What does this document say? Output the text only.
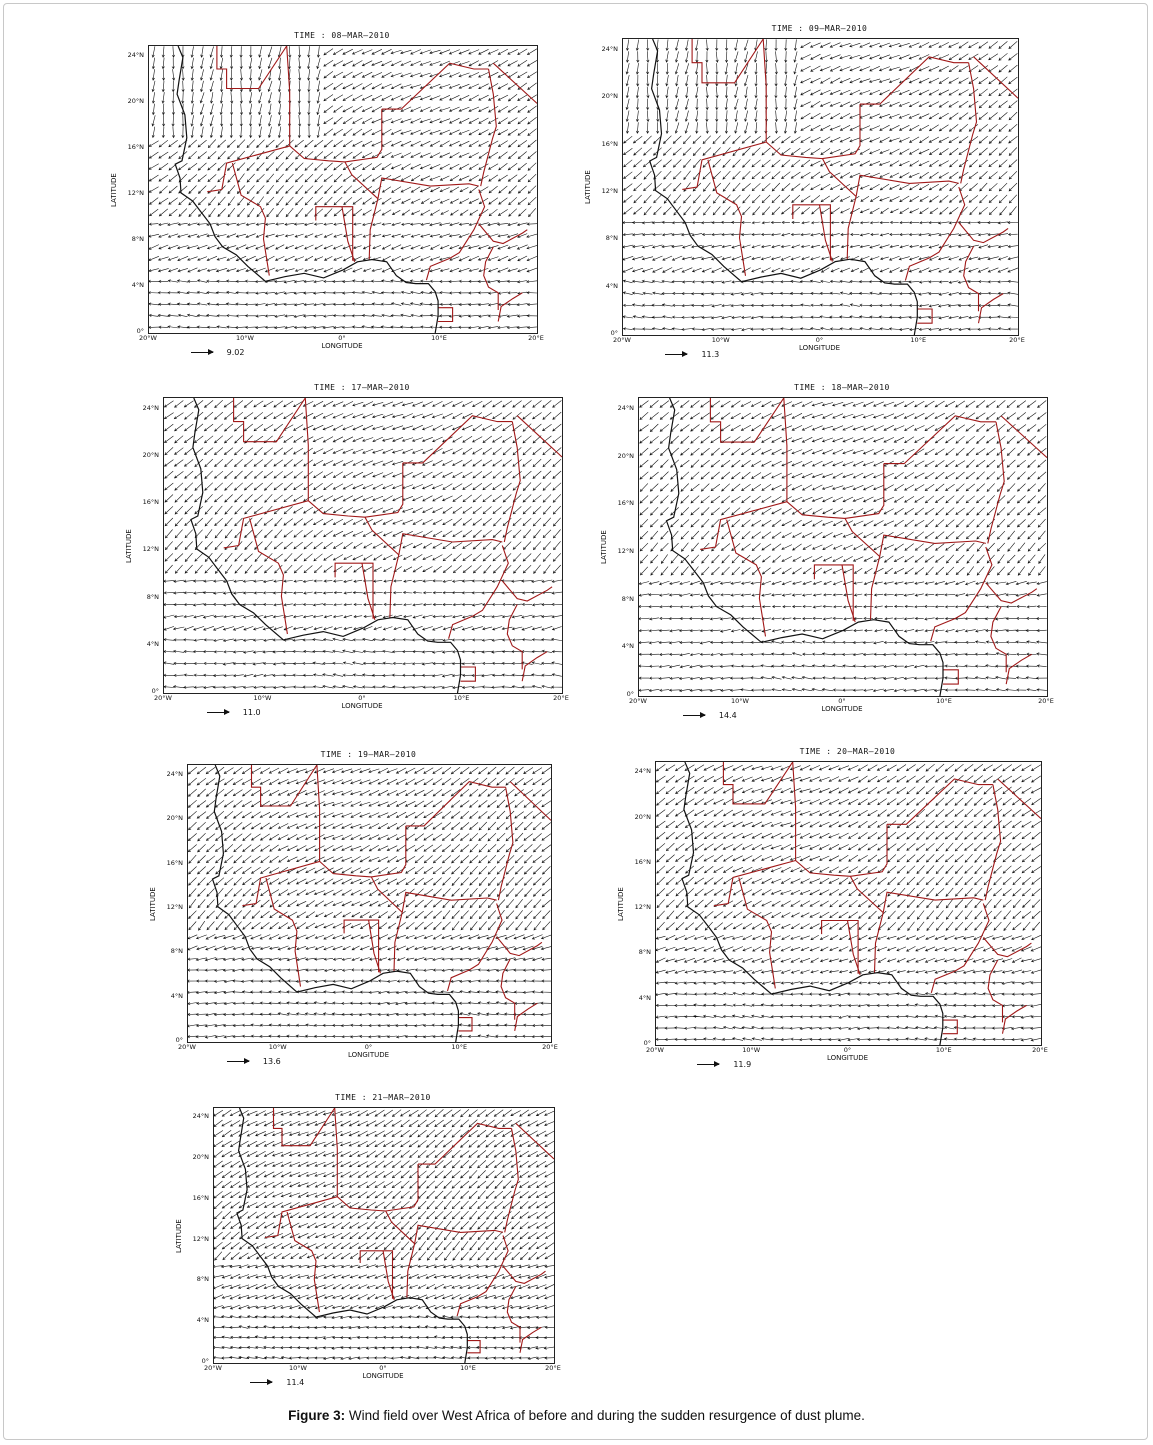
TIME : 08–MAR–2010
LATITUDE
24°N
20°N
16°N
12°N
8°N
4°N
0°
20°W	10°W	0°	10°E	20°E
LONGITUDE
9.02
TIME : 09–MAR–2010
LATITUDE
24°N
20°N
16°N
12°N
8°N
4°N
0°
20°W	10°W	0°	10°E	20°E
LONGITUDE
11.3
TIME : 17–MAR–2010
LATITUDE
24°N
20°N
16°N
12°N
8°N
4°N
0°
20°W	10°W	0°	10°E	20°E
LONGITUDE
11.0
TIME : 18–MAR–2010
LATITUDE
24°N
20°N
16°N
12°N
8°N
4°N
0°
20°W	10°W	0°	10°E	20°E
LONGITUDE
14.4
TIME : 19–MAR–2010
LATITUDE
24°N
20°N
16°N
12°N
8°N
4°N
0°
20°W	10°W	0°	10°E	20°E
LONGITUDE
13.6
TIME : 20–MAR–2010
LATITUDE
24°N
20°N
16°N
12°N
8°N
4°N
0°
20°W	10°W	0°	10°E	20°E
LONGITUDE
11.9
TIME : 21–MAR–2010
LATITUDE
24°N
20°N
16°N
12°N
8°N
4°N
0°
20°W	10°W	0°	10°E	20°E
LONGITUDE
11.4
Figure 3: Wind field over West Africa of before and during the sudden resurgence of dust plume.
